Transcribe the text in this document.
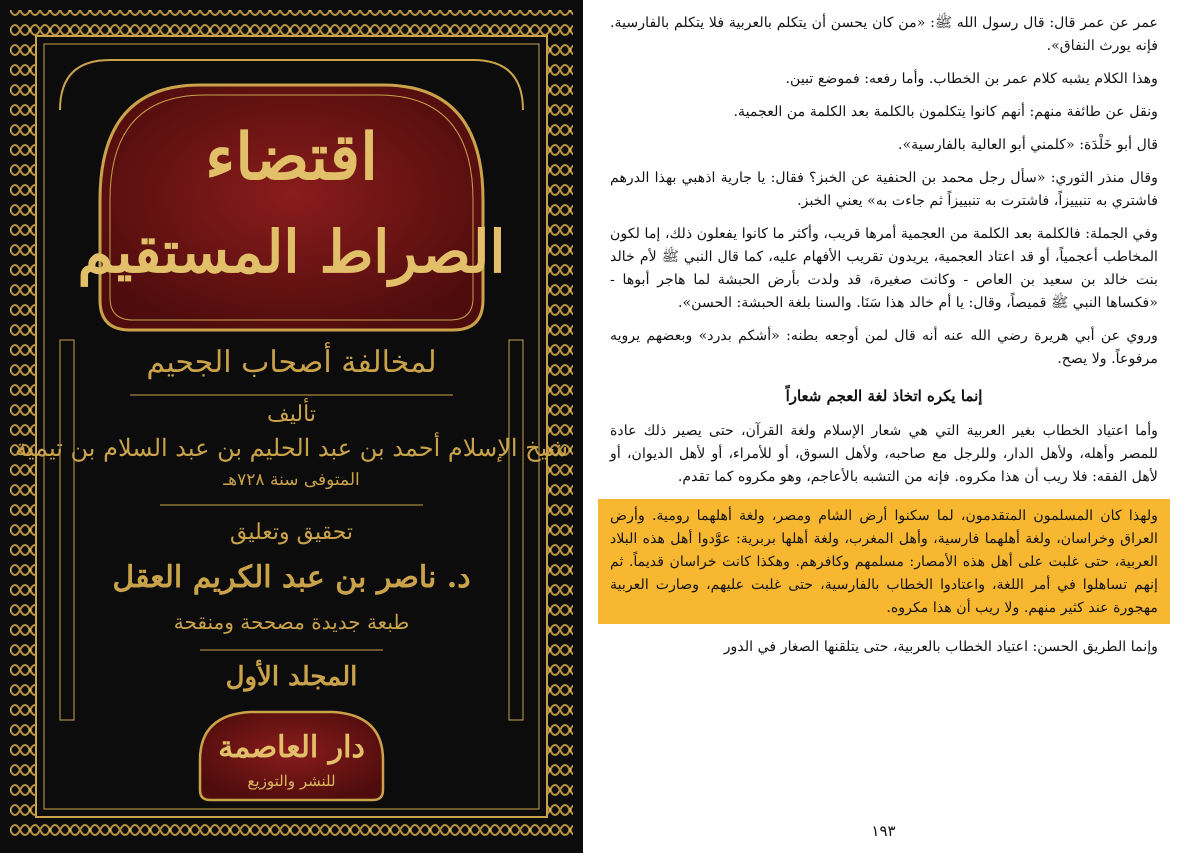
اقتضاء
الصراط المستقيم
لمخالفة أصحاب الجحيم
تأليف
شيخ الإسلام أحمد بن عبد الحليم بن عبد السلام بن تيمية
المتوفى سنة ٧٢٨هـ
تحقيق وتعليق
د. ناصر بن عبد الكريم العقل
طبعة جديدة مصححة ومنقحة
المجلد الأول
دار العاصمة
للنشر والتوزيع

عمر عن عمر قال: قال رسول الله ﷺ: «من كان يحسن أن يتكلم بالعربية فلا يتكلم بالفارسية. فإنه يورث النفاق».

وهذا الكلام يشبه كلام عمر بن الخطاب. وأما رفعه: فموضع تبين.

ونقل عن طائفة منهم: أنهم كانوا يتكلمون بالكلمة بعد الكلمة من العجمية.

قال أبو خَلْدَة: «كلمني أبو العالية بالفارسية».

وقال منذر الثوري: «سأل رجل محمد بن الحنفية عن الخبز؟ فقال: يا جارية اذهبي بهذا الدرهم فاشتري به تنبييزاً، فاشترت به تنبييزاً ثم جاءت به» يعني الخبز.

وفي الجملة: فالكلمة بعد الكلمة من العجمية أمرها قريب، وأكثر ما كانوا يفعلون ذلك، إما لكون المخاطب أعجمياً، أو قد اعتاد العجمية، يريدون تقريب الأفهام عليه، كما قال النبي ﷺ لأم خالد بنت خالد بن سعيد بن العاص - وكانت صغيرة، قد ولدت بأرض الحبشة لما هاجر أبوها - «فكساها النبي ﷺ قميصاً، وقال: يا أم خالد هذا سَنَا. والسنا بلغة الحبشة: الحسن».

وروي عن أبي هريرة رضي الله عنه أنه قال لمن أوجعه بطنه: «أشكم بدرد» وبعضهم يرويه مرفوعاً. ولا يصح.

إنما يكره اتخاذ لغة العجم شعاراً

وأما اعتياد الخطاب بغير العربية التي هي شعار الإسلام ولغة القرآن، حتى يصير ذلك عادة للمصر وأهله، ولأهل الدار، وللرجل مع صاحبه، ولأهل السوق، أو للأمراء، أو لأهل الديوان، أو لأهل الفقه: فلا ريب أن هذا مكروه. فإنه من التشبه بالأعاجم، وهو مكروه كما تقدم.

ولهذا كان المسلمون المتقدمون، لما سكنوا أرض الشام ومصر، ولغة أهلهما رومية. وأرض العراق وخراسان، ولغة أهلهما فارسية، وأهل المغرب، ولغة أهلها بربرية: عوَّدوا أهل هذه البلاد العربية، حتى غلبت على أهل هذه الأمصار: مسلمهم وكافرهم. وهكذا كانت خراسان قديماً. ثم إنهم تساهلوا في أمر اللغة، واعتادوا الخطاب بالفارسية، حتى غلبت عليهم، وصارت العربية مهجورة عند كثير منهم. ولا ريب أن هذا مكروه.

وإنما الطريق الحسن: اعتياد الخطاب بالعربية، حتى يتلقنها الصغار في الدور

١٩٣
